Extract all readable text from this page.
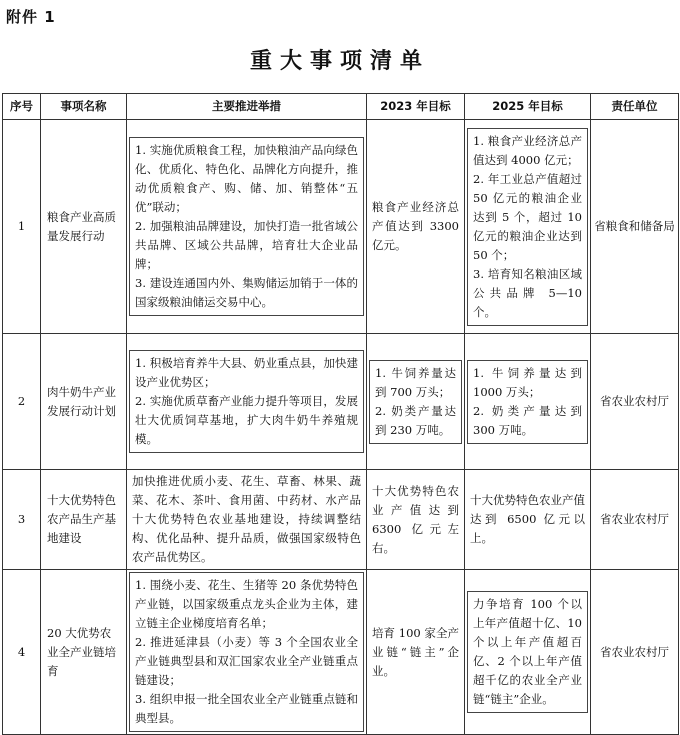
附件 1
重大事项清单
序号	事项名称	主要推进举措	2023 年目标	2025 年目标	责任单位
1	粮食产业高质量发展行动	1. 实施优质粮食工程，加快粮油产品向绿色化、优质化、特色化、品牌化方向提升，推动优质粮食产、购、储、加、销整体“五优”联动；
2. 加强粮油品牌建设，加快打造一批省域公共品牌、区域公共品牌，培育壮大企业品牌；
3. 建设连通国内外、集购储运加销于一体的国家级粮油储运交易中心。	粮食产业经济总产值达到 3300 亿元。	1. 粮食产业经济总产值达到 4000 亿元；
2. 年工业总产值超过 50 亿元的粮油企业达到 5 个，超过 10 亿元的粮油企业达到 50 个；
3. 培育知名粮油区域公共品牌 5—10 个。	省粮食和储备局
2	肉牛奶牛产业发展行动计划	1. 积极培育养牛大县、奶业重点县，加快建设产业优势区；
2. 实施优质草畜产业能力提升等项目，发展壮大优质饲草基地，扩大肉牛奶牛养殖规模。	1. 牛饲养量达到 700 万头；
2. 奶类产量达到 230 万吨。	1. 牛饲养量达到 1000 万头；
2. 奶类产量达到 300 万吨。	省农业农村厅
3	十大优势特色农产品生产基地建设	加快推进优质小麦、花生、草畜、林果、蔬菜、花木、茶叶、食用菌、中药材、水产品十大优势特色农业基地建设，持续调整结构、优化品种、提升品质，做强国家级特色农产品优势区。	十大优势特色农业产值达到 6300 亿元左右。	十大优势特色农业产值达到 6500 亿元以上。	省农业农村厅
4	20 大优势农业全产业链培育	1. 围绕小麦、花生、生猪等 20 条优势特色产业链，以国家级重点龙头企业为主体，建立链主企业梯度培育名单；
2. 推进延津县（小麦）等 3 个全国农业全产业链典型县和双汇国家农业全产业链重点链建设；
3. 组织申报一批全国农业全产业链重点链和典型县。	培育 100 家全产业链“链主”企业。	力争培育 100 个以上年产值超十亿、10 个以上年产值超百亿、2 个以上年产值超千亿的农业全产业链“链主”企业。	省农业农村厅
